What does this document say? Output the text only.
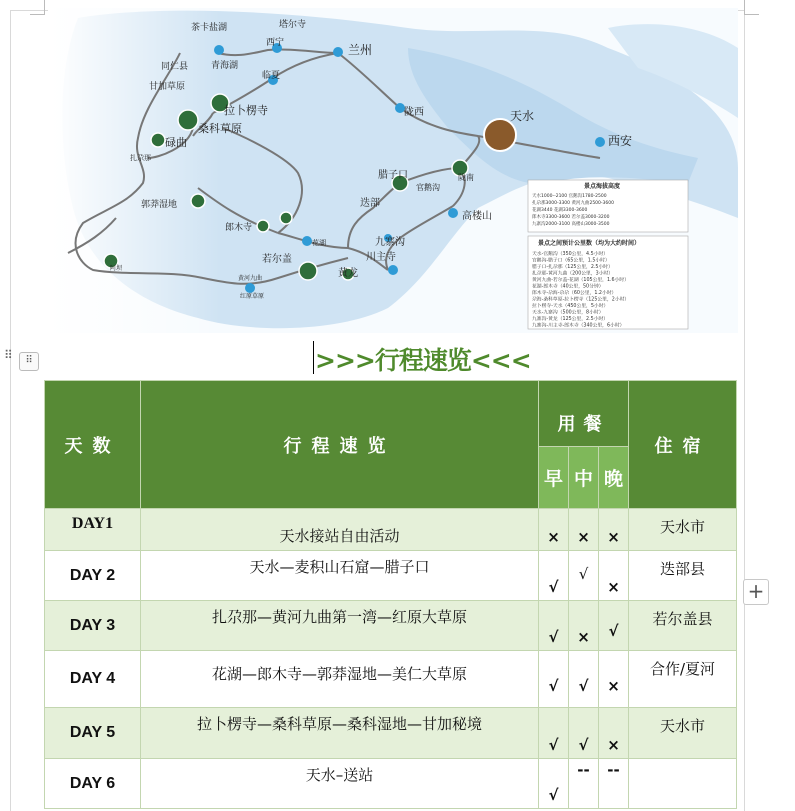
茶卡盐湖
青海湖
西宁
塔尔寺
兰州
同仁县
甘加草原
临夏
拉卜楞寺
桑科草原
陇西	天水
西安
碌曲
扎尕那
郎木寺
郭莽湿地
腊子口
官鹅沟
陇南
迭部
高楼山
九寨沟
花湖
若尔盖
黄龙
川主寺
黄河九曲
红原草原
阿坝
景点海拔高度
天水1000--2100 官鹅沟1780-2500
扎尕那3000-3300 黄河九曲2500-3600
花湖3440 花湖3300-3600
郎木寺3300-3600 若尔盖3000-3200
九寨沟2000-3100 高楼山3000-3500
景点之间预计公里数（均为大约时间）
天水-官鹅沟（350公里，4.5小时）
官鹅沟-腊子口（65公里，1.5小时）
腊子口-扎尕那（125公里，2.5小时）
扎尕那-黄河九曲（200公里，3小时）
黄河九曲-若尔盖-花湖（105公里，1.6小时）
花湖-郎木寺（40公里，50分钟）
郎木寺-尕海-尕尕（60公里，1.2小时）
尕海-桑科草原-拉卜楞寺（125公里，2小时）
拉卜楞寺-天水（450公里，5小时）
天水-九寨沟（500公里，8小时）
九寨沟-黄龙（125公里，2.5小时）
九寨沟-川主寺-郎木寺（340公里，6小时）
⠿	⠿	>>>行程速览<<<
天数	行程速览	用餐			住宿
		早	中	晚	
DAY1	天水接站自由活动	×	×	×	天水市
DAY 2	天水—麦积山石窟—腊子口	√	√	×	迭部县
DAY 3	扎尕那—黄河九曲第一湾—红原大草原	√	×	√	若尔盖县
DAY 4	花湖—郎木寺—郭莽湿地—美仁大草原	√	√	×	合作/夏河
DAY 5	拉卜楞寺—桑科草原—桑科湿地—甘加秘境	√	√	×	天水市
DAY 6	天水–送站	√	--	--	
+
